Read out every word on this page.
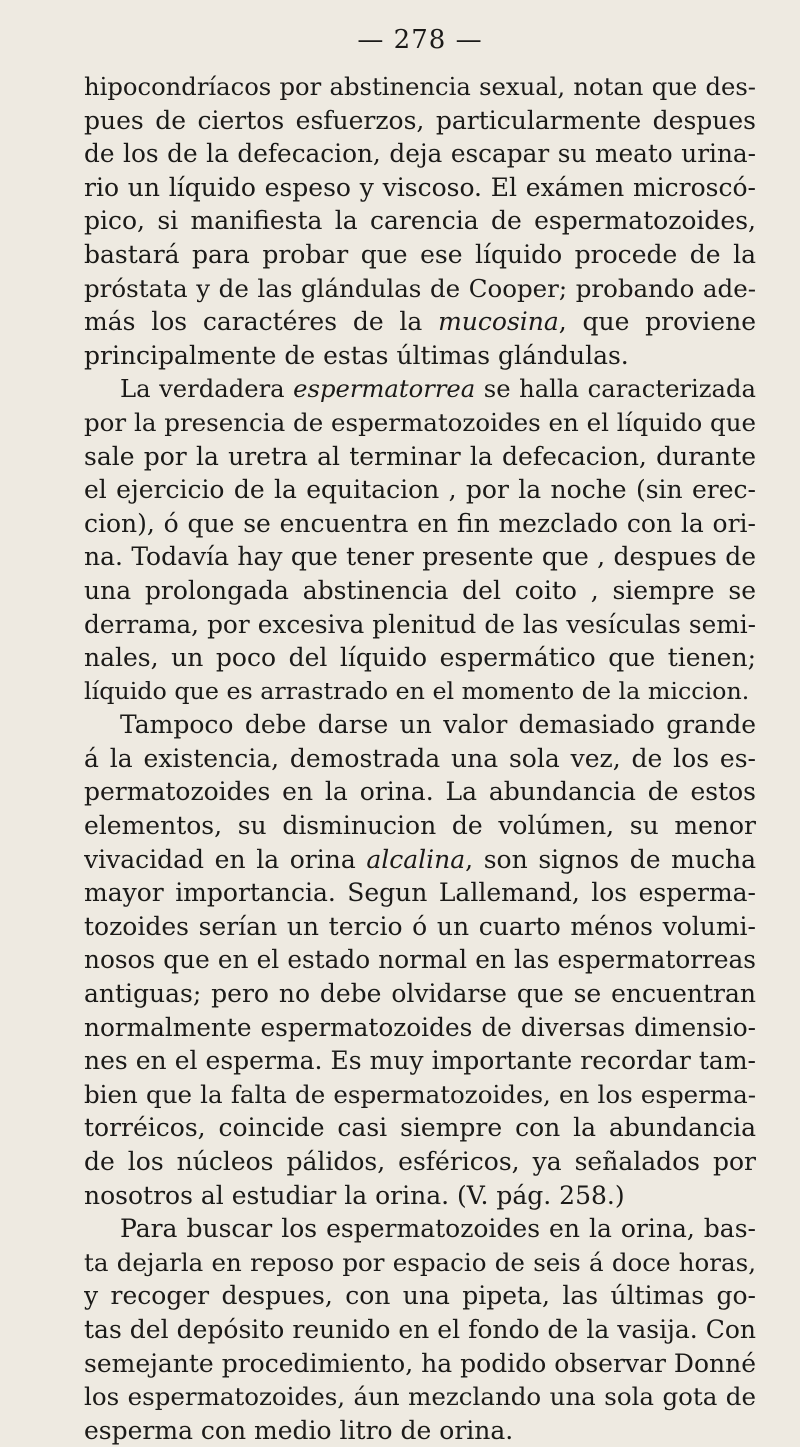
— 278 —
hipocondríacos por abstinencia sexual, notan que des-
pues de ciertos esfuerzos, particularmente despues
de los de la defecacion, deja escapar su meato urina-
rio un líquido espeso y viscoso. El exámen microscó-
pico, si manifiesta la carencia de espermatozoides,
bastará para probar que ese líquido procede de la
próstata y de las glándulas de Cooper; probando ade-
más los caractéres de la mucosina, que proviene
principalmente de estas últimas glándulas.
La verdadera espermatorrea se halla caracterizada
por la presencia de espermatozoides en el líquido que
sale por la uretra al terminar la defecacion, durante
el ejercicio de la equitacion , por la noche (sin erec-
cion), ó que se encuentra en fin mezclado con la ori-
na. Todavía hay que tener presente que , despues de
una prolongada abstinencia del coito , siempre se
derrama, por excesiva plenitud de las vesículas semi-
nales, un poco del líquido espermático que tienen;
líquido que es arrastrado en el momento de la miccion.
Tampoco debe darse un valor demasiado grande
á la existencia, demostrada una sola vez, de los es-
permatozoides en la orina. La abundancia de estos
elementos, su disminucion de volúmen, su menor
vivacidad en la orina alcalina, son signos de mucha
mayor importancia. Segun Lallemand, los esperma-
tozoides serían un tercio ó un cuarto ménos volumi-
nosos que en el estado normal en las espermatorreas
antiguas; pero no debe olvidarse que se encuentran
normalmente espermatozoides de diversas dimensio-
nes en el esperma. Es muy importante recordar tam-
bien que la falta de espermatozoides, en los esperma-
torréicos, coincide casi siempre con la abundancia
de los núcleos pálidos, esféricos, ya señalados por
nosotros al estudiar la orina. (V. pág. 258.)
Para buscar los espermatozoides en la orina, bas-
ta dejarla en reposo por espacio de seis á doce horas,
y recoger despues, con una pipeta, las últimas go-
tas del depósito reunido en el fondo de la vasija. Con
semejante procedimiento, ha podido observar Donné
los espermatozoides, áun mezclando una sola gota de
esperma con medio litro de orina.
